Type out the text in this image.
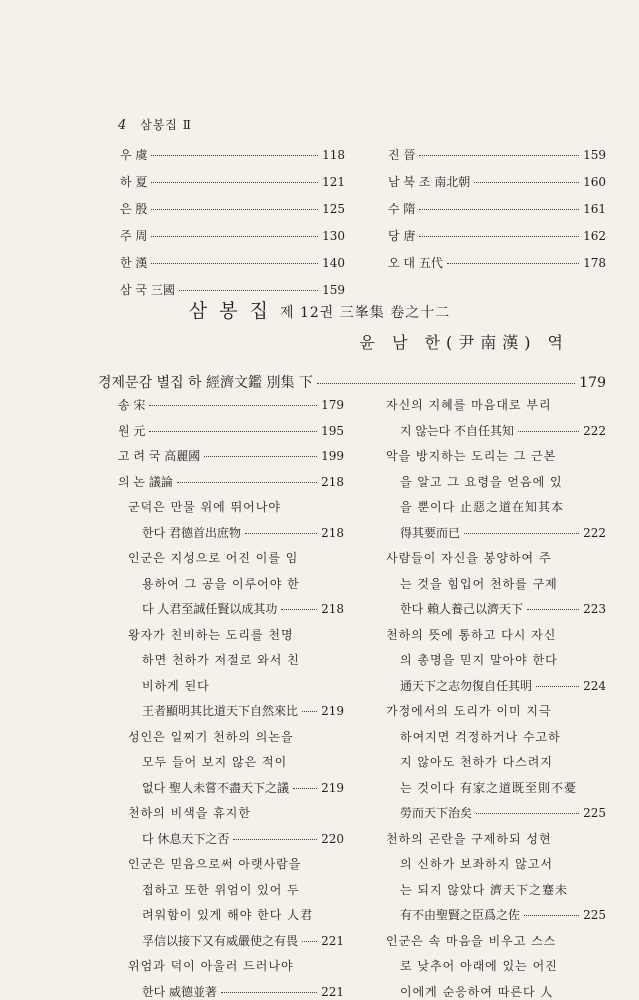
4 삼봉집 Ⅱ
삼 봉 집 제 12권 三峯集 卷之十二
윤 남 한(尹南漢) 역
경제문감 별집 하 經濟文鑑 別集 下	179
우 虞	118
하 夏	121
은 殷	125
주 周	130
한 漢	140
삼 국 三國	159
진 晉	159
남 북 조 南北朝	160
수 隋	161
당 唐	162
오 대 五代	178
송 宋	179
원 元	195
고 려 국 高麗國	199
의 논 議論	218
군덕은 만물 위에 뛰어나야
한다 君德首出庶物	218
인군은 지성으로 어진 이를 임
용하여 그 공을 이루어야 한
다 人君至誠任賢以成其功	218
왕자가 친비하는 도리를 천명
하면 천하가 저절로 와서 친
비하게 된다
王者顯明其比道天下自然來比 219
성인은 일찌기 천하의 의논을
모두 들어 보지 않은 적이
없다 聖人未嘗不盡天下之議	219
천하의 비색을 휴지한
다 休息天下之否	220
인군은 믿음으로써 아랫사람을
접하고 또한 위엄이 있어 두
려워함이 있게 해야 한다 人君
孚信以接下又有威嚴使之有畏 221
위엄과 덕이 아울러 드러나야
한다 威德並著	221
자신의 지혜를 마음대로 부리
지 않는다 不自任其知	222
악을 방지하는 도리는 그 근본
을 알고 그 요령을 얻음에 있
을 뿐이다 止惡之道在知其本
得其要而已	222
사람들이 자신을 봉양하여 주
는 것을 힘입어 천하를 구제
한다 賴人養己以濟天下	223
천하의 뜻에 통하고 다시 자신
의 총명을 믿지 말아야 한다
通天下之志勿復自任其明	224
가정에서의 도리가 이미 지극
하여지면 걱정하거나 수고하
지 않아도 천하가 다스려지
는 것이다 有家之道既至則不憂
勞而天下治矣	225
천하의 곤란을 구제하되 성현
의 신하가 보좌하지 않고서
는 되지 않았다 濟天下之蹇未
有不由聖賢之臣爲之佐	225
인군은 속 마음을 비우고 스스
로 낮추어 아래에 있는 어진
이에게 순응하여 따른다 人
